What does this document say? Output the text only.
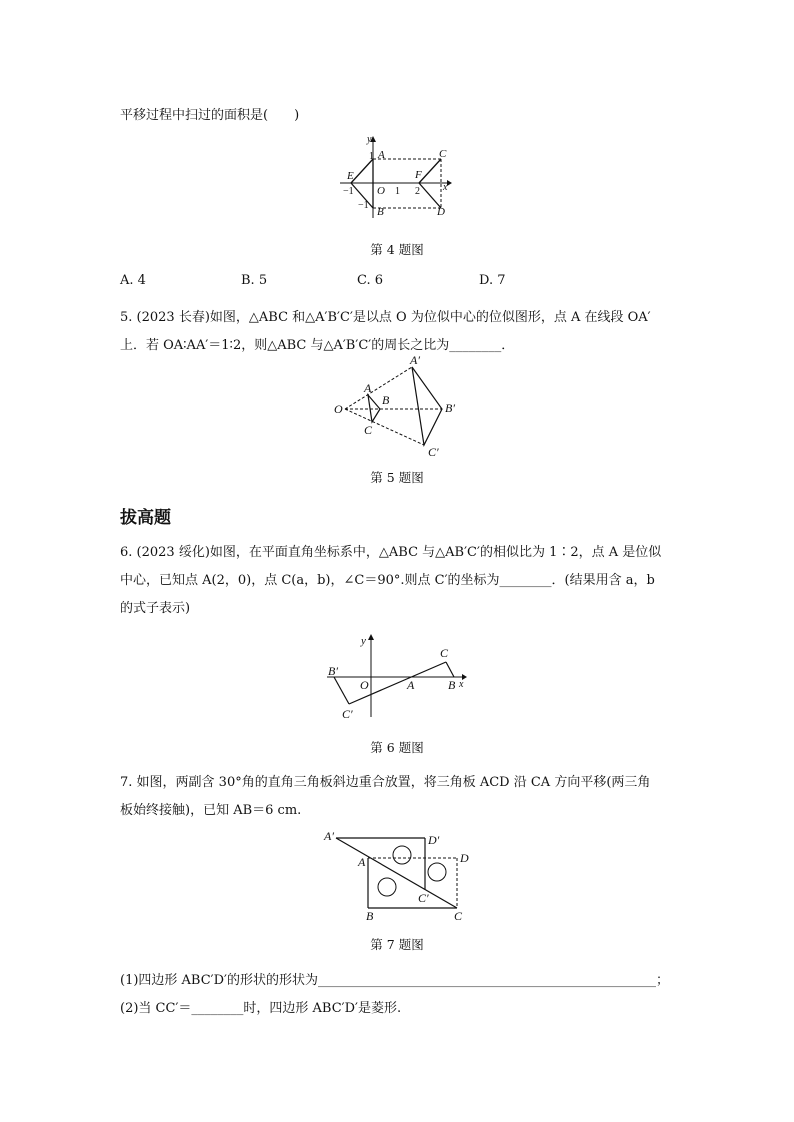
平移过程中扫过的面积是(　　)
y
x
A
1	C
E	F
−1 O 1 2
−1
B	D
第 4 题图
A. 4	B. 5	C. 6	D. 7
5. (2023 长春)如图，△ABC 和△A′B′C′是以点 O 为位似中心的位似图形，点 A 在线段 OA′
上．若 OA∶AA′＝1∶2，则△ABC 与△A′B′C′的周长之比为________．
O
A
B
C
A′
B′
C′
第 5 题图
拔高题
6. (2023 绥化)如图，在平面直角坐标系中，△ABC 与△AB′C′的相似比为 1∶2，点 A 是位似
中心，已知点 A(2，0)，点 C(a，b)，∠C＝90°.则点 C′的坐标为________．(结果用含 a，b
的式子表示)
y
x
B′
O	A	B
C
C′
第 6 题图
7. 如图，两副含 30°角的直角三角板斜边重合放置，将三角板 ACD 沿 CA 方向平移(两三角
板始终接触)，已知 AB＝6 cm.
A′	D′
A	D
C′
B	C
第 7 题图
(1)四边形 ABC′D′的形状的形状为____________________________________________________；
(2)当 CC′＝________时，四边形 ABC′D′是菱形.
